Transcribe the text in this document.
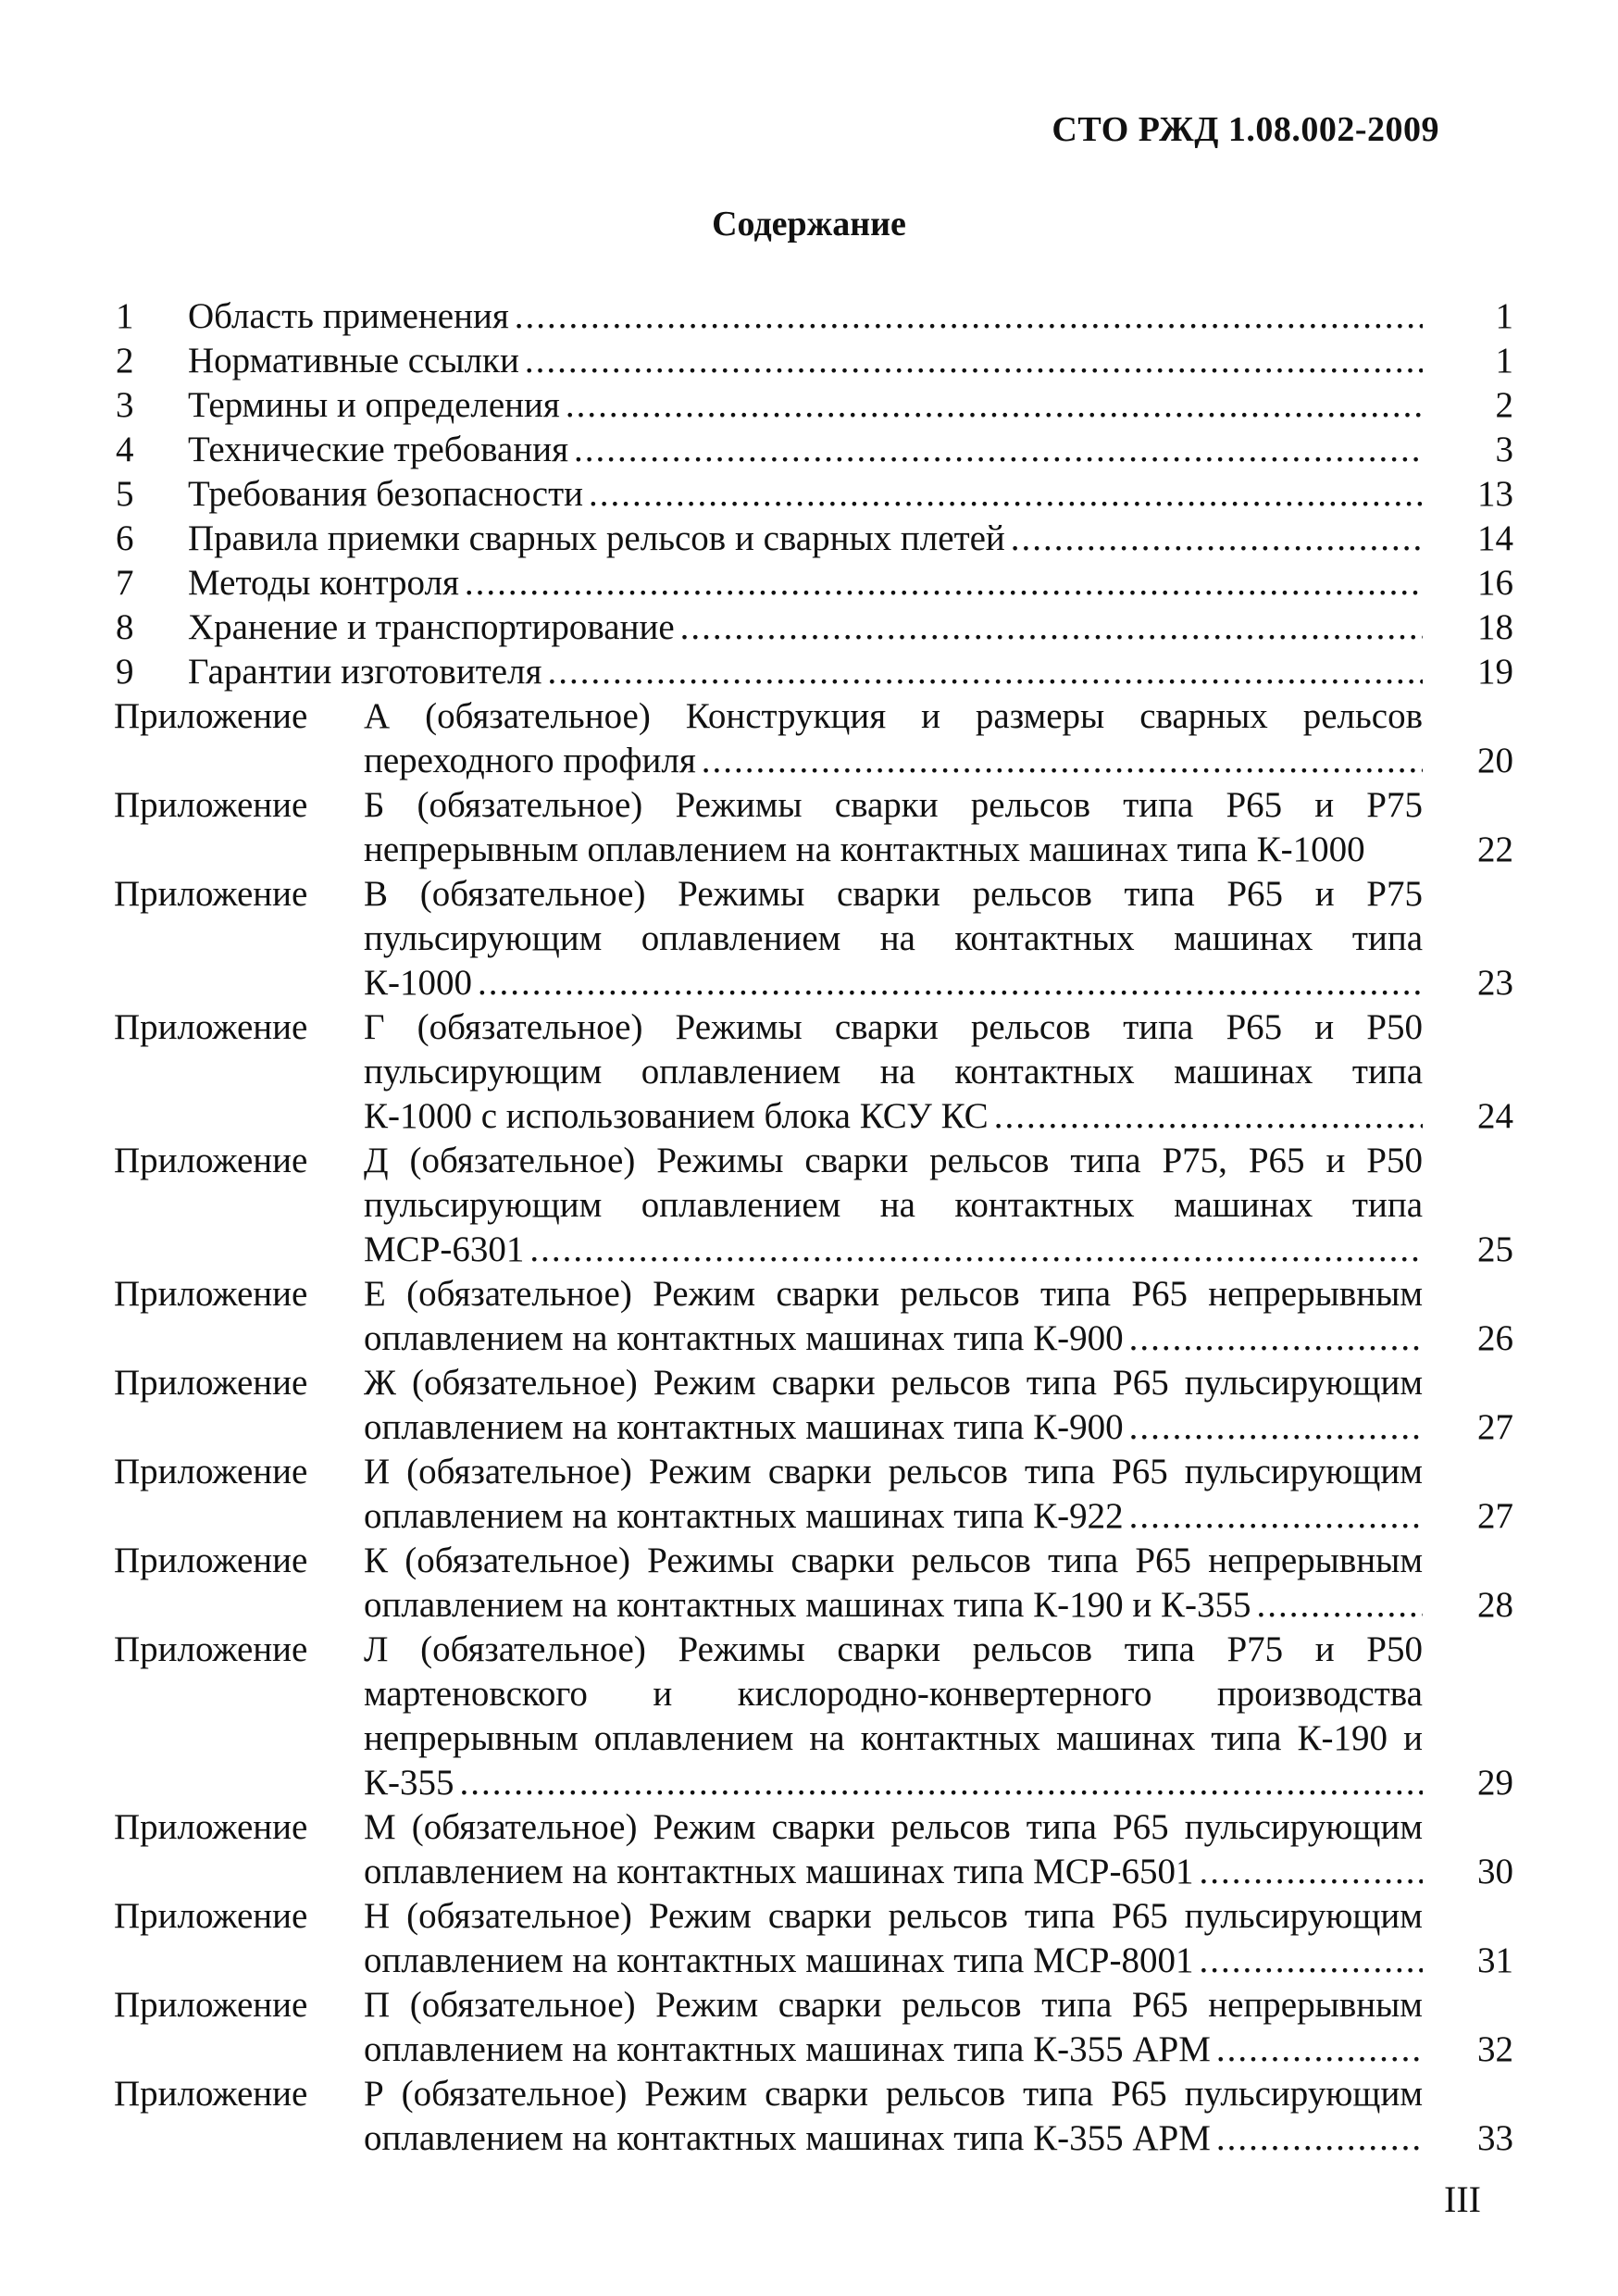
СТО РЖД 1.08.002-2009
Содержание
1	Область применения .....	1
2	Нормативные ссылки .....	1
3	Термины и определения .....	2
4	Технические требования .....	3
5	Требования безопасности .....	13
6	Правила приемки сварных рельсов и сварных плетей .....	14
7	Методы контроля .....	16
8	Хранение и транспортирование .....	18
9	Гарантии изготовителя .....	19
Приложение	А (обязательное) Конструкция и размеры сварных рельсов
переходного профиля .....	20
Приложение	Б (обязательное) Режимы сварки рельсов типа Р65 и Р75
непрерывным оплавлением на контактных машинах типа К-1000	22
Приложение	В (обязательное) Режимы сварки рельсов типа Р65 и Р75
пульсирующим оплавлением на контактных машинах типа
К-1000 .....	23
Приложение	Г (обязательное) Режимы сварки рельсов типа Р65 и Р50
пульсирующим оплавлением на контактных машинах типа
К-1000 с использованием блока КСУ КС .....	24
Приложение	Д (обязательное) Режимы сварки рельсов типа Р75, Р65 и Р50
пульсирующим оплавлением на контактных машинах типа
МСР-6301 .....	25
Приложение	Е (обязательное) Режим сварки рельсов типа Р65 непрерывным
оплавлением на контактных машинах типа К-900 .....	26
Приложение	Ж (обязательное) Режим сварки рельсов типа Р65 пульсирующим
оплавлением на контактных машинах типа К-900 .....	27
Приложение	И (обязательное) Режим сварки рельсов типа Р65 пульсирующим
оплавлением на контактных машинах типа К-922 .....	27
Приложение	К (обязательное) Режимы сварки рельсов типа Р65 непрерывным
оплавлением на контактных машинах типа К-190 и К-355 .....	28
Приложение	Л (обязательное) Режимы сварки рельсов типа Р75 и Р50
мартеновского и кислородно-конвертерного производства
непрерывным оплавлением на контактных машинах типа К-190 и
К-355 .....	29
Приложение	М (обязательное) Режим сварки рельсов типа Р65 пульсирующим
оплавлением на контактных машинах типа МСР-6501 .....	30
Приложение	Н (обязательное) Режим сварки рельсов типа Р65 пульсирующим
оплавлением на контактных машинах типа МСР-8001 .....	31
Приложение	П (обязательное) Режим сварки рельсов типа Р65 непрерывным
оплавлением на контактных машинах типа К-355 АРМ .....	32
Приложение	Р (обязательное) Режим сварки рельсов типа Р65 пульсирующим
оплавлением на контактных машинах типа К-355 АРМ .....	33
III
